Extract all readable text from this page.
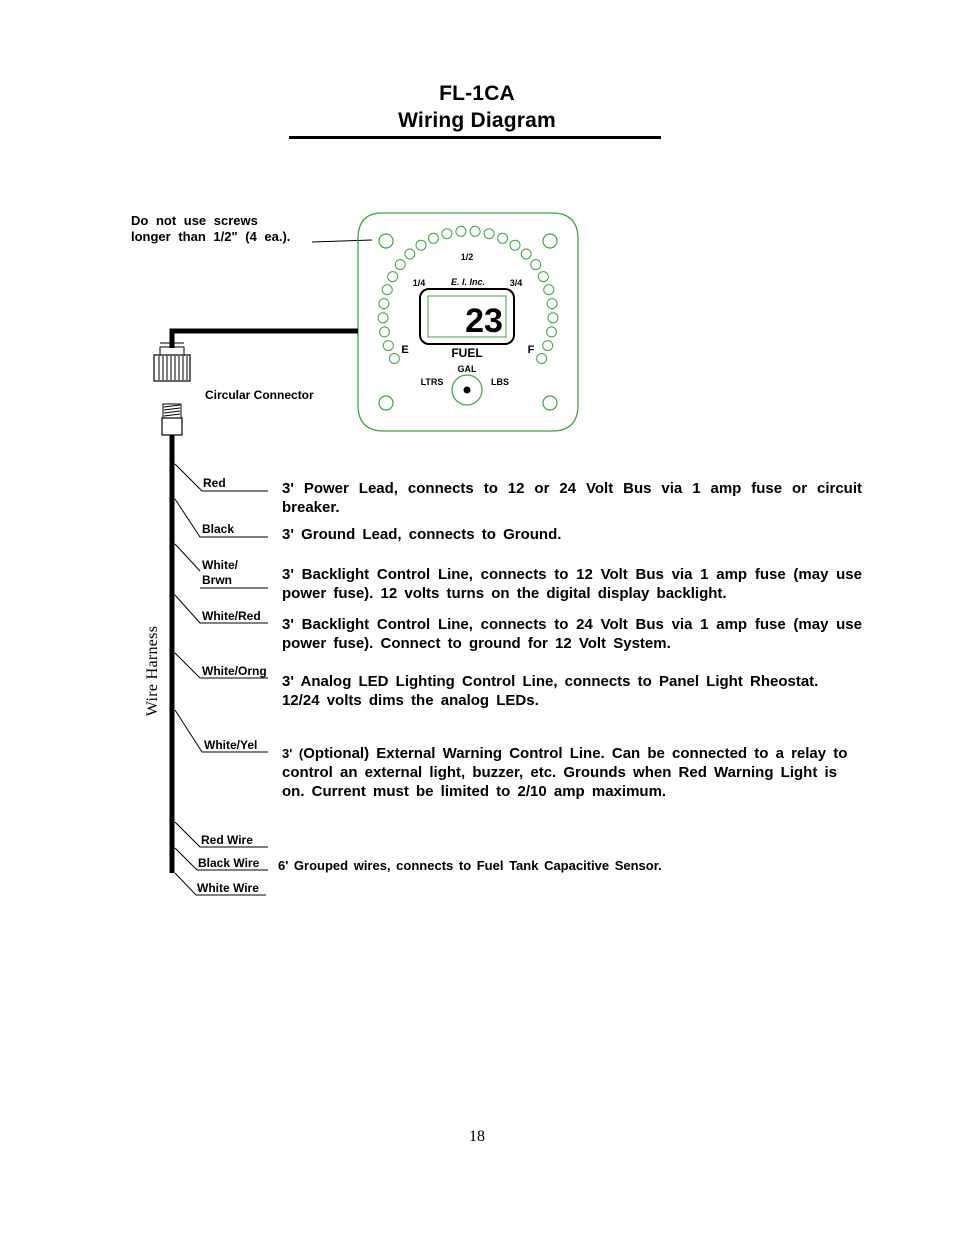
FL-1CA
Wiring Diagram
Do not use screws
longer than 1/2" (4 ea.).
1/2
1/4	3/4
E. I. Inc.
23
E	F
FUEL
GAL
LTRS	LBS
Circular Connector
Wire Harness
Red
Black
White/
Brwn
White/Red
White/Orng
White/Yel
Red Wire
Black Wire
White Wire
3' Power Lead, connects to 12 or 24 Volt Bus via 1 amp fuse or circuit breaker.
3' Ground Lead, connects to Ground.
3' Backlight Control Line, connects to 12 Volt Bus via 1 amp fuse (may use power fuse). 12 volts turns on the digital display backlight.
3' Backlight Control Line, connects to 24 Volt Bus via 1 amp fuse (may use power fuse). Connect to ground for 12 Volt System.
3' Analog LED Lighting Control Line, connects to Panel Light Rheostat. 12/24 volts dims the analog LEDs.
3' (Optional) External Warning Control Line. Can be connected to a relay to control an external light, buzzer, etc. Grounds when Red Warning Light is on. Current must be limited to 2/10 amp maximum.
6' Grouped wires, connects to Fuel Tank Capacitive Sensor.
18
